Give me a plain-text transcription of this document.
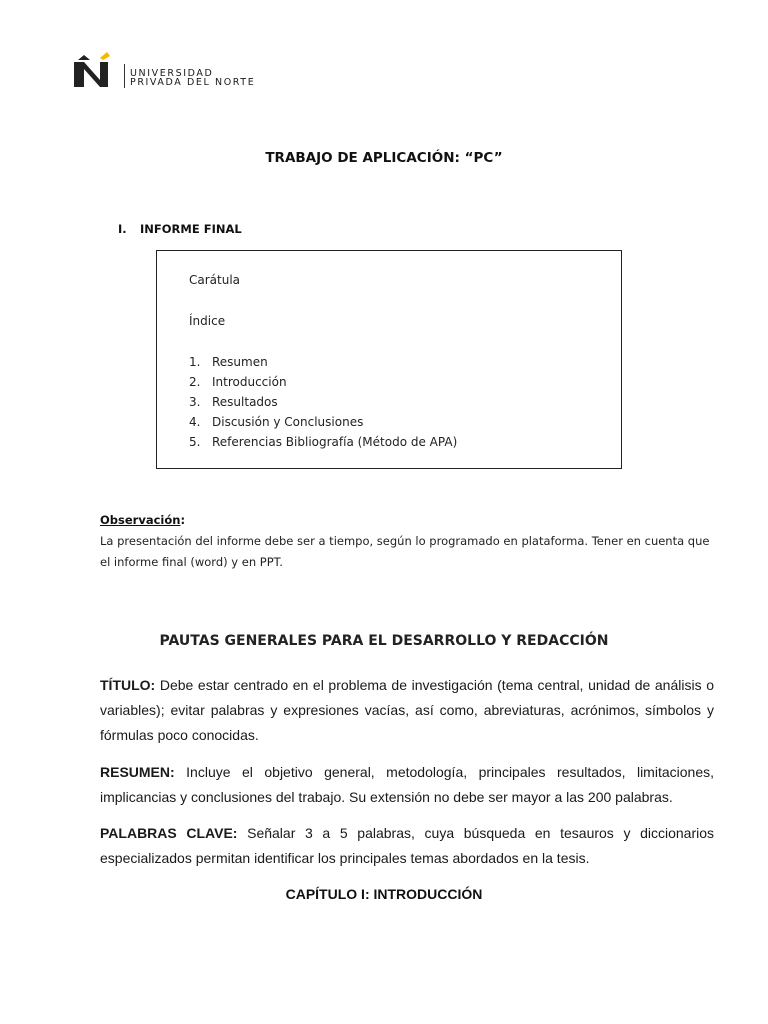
UNIVERSIDAD
PRIVADA DEL NORTE
TRABAJO DE APLICACIÓN: “PC”
I. INFORME FINAL
Carátula
Índice
1. Resumen
2. Introducción
3. Resultados
4. Discusión y Conclusiones
5. Referencias Bibliografía (Método de APA)
Observación:
La presentación del informe debe ser a tiempo, según lo programado en plataforma. Tener en cuenta que el informe final (word) y en PPT.
PAUTAS GENERALES PARA EL DESARROLLO Y REDACCIÓN
TÍTULO: Debe estar centrado en el problema de investigación (tema central, unidad de análisis o variables); evitar palabras y expresiones vacías, así como, abreviaturas, acrónimos, símbolos y fórmulas poco conocidas.
RESUMEN: Incluye el objetivo general, metodología, principales resultados, limitaciones, implicancias y conclusiones del trabajo. Su extensión no debe ser mayor a las 200 palabras.
PALABRAS CLAVE: Señalar 3 a 5 palabras, cuya búsqueda en tesauros y diccionarios especializados permitan identificar los principales temas abordados en la tesis.
CAPÍTULO I: INTRODUCCIÓN
